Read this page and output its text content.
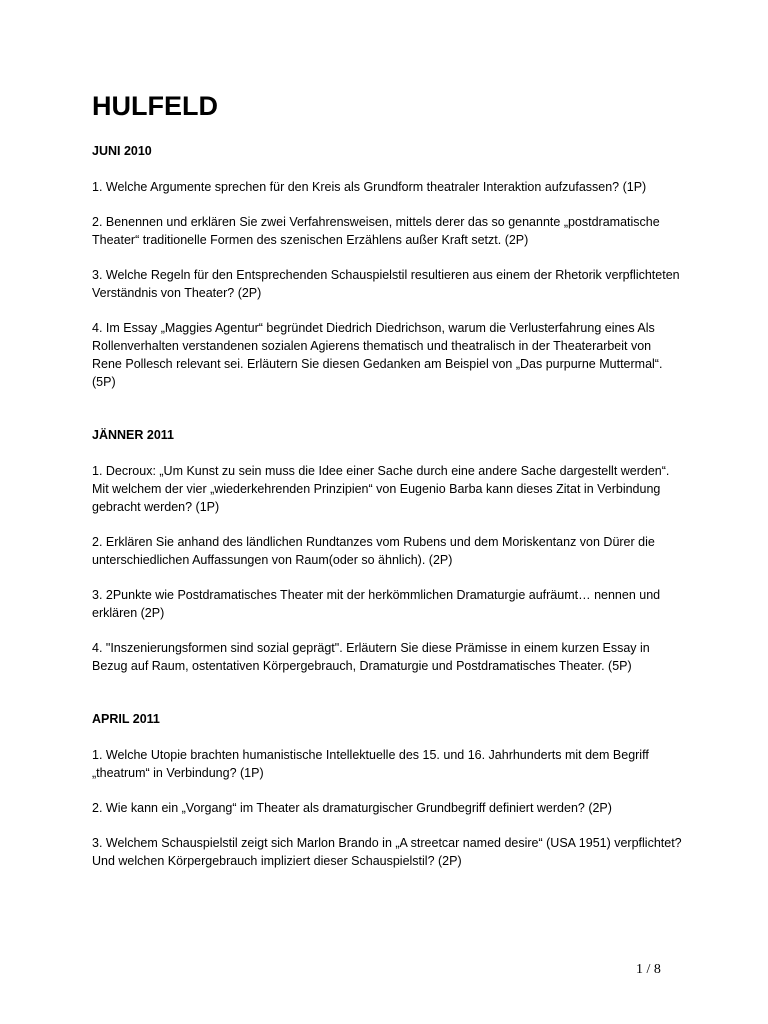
HULFELD
JUNI 2010

1. Welche Argumente sprechen für den Kreis als Grundform theatraler Interaktion aufzufassen? (1P)

2. Benennen und erklären Sie zwei Verfahrensweisen, mittels derer das so genannte „postdramatische Theater“ traditionelle Formen des szenischen Erzählens außer Kraft setzt. (2P)

3. Welche Regeln für den Entsprechenden Schauspielstil resultieren aus einem der Rhetorik verpflichteten Verständnis von Theater? (2P)

4. Im Essay „Maggies Agentur“ begründet Diedrich Diedrichson, warum die Verlusterfahrung eines Als Rollenverhalten verstandenen sozialen Agierens thematisch und theatralisch in der Theaterarbeit von Rene Pollesch relevant sei. Erläutern Sie diesen Gedanken am Beispiel von „Das purpurne Muttermal“. (5P)

JÄNNER 2011

1. Decroux: „Um Kunst zu sein muss die Idee einer Sache durch eine andere Sache dargestellt werden“. Mit welchem der vier „wiederkehrenden Prinzipien“ von Eugenio Barba kann dieses Zitat in Verbindung gebracht werden? (1P)

2. Erklären Sie anhand des ländlichen Rundtanzes vom Rubens und dem Moriskentanz von Dürer die unterschiedlichen Auffassungen von Raum(oder so ähnlich). (2P)

3. 2Punkte wie Postdramatisches Theater mit der herkömmlichen Dramaturgie aufräumt… nennen und erklären (2P)

4. "Inszenierungsformen sind sozial geprägt". Erläutern Sie diese Prämisse in einem kurzen Essay in Bezug auf Raum, ostentativen Körpergebrauch, Dramaturgie und Postdramatisches Theater. (5P)

APRIL 2011

1. Welche Utopie brachten humanistische Intellektuelle des 15. und 16. Jahrhunderts mit dem Begriff „theatrum“ in Verbindung? (1P)

2. Wie kann ein „Vorgang“ im Theater als dramaturgischer Grundbegriff definiert werden? (2P)

3. Welchem Schauspielstil zeigt sich Marlon Brando in „A streetcar named desire“ (USA 1951) verpflichtet? Und welchen Körpergebrauch impliziert dieser Schauspielstil? (2P)

1 / 8
